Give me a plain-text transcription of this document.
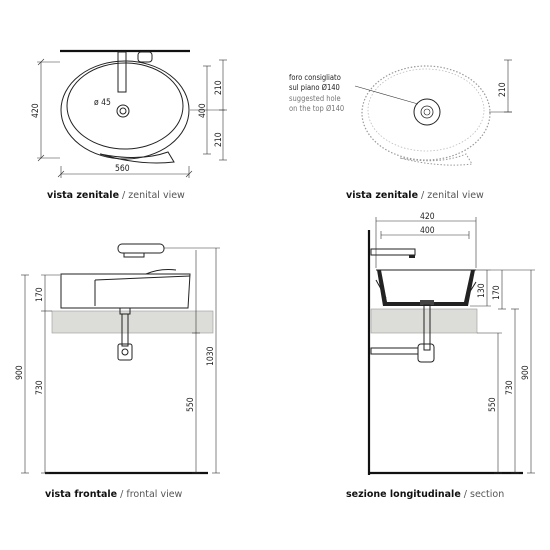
ø 45
420
560
400
210
210
vista zenitale / zenital view
foro consigliato
sul piano Ø140
suggested hole
on the top Ø140
210
vista zenitale / zenital view
900
170
730
550
1030
vista frontale / frontal view
420
400
130 170
550
730
900
sezione longitudinale / section
